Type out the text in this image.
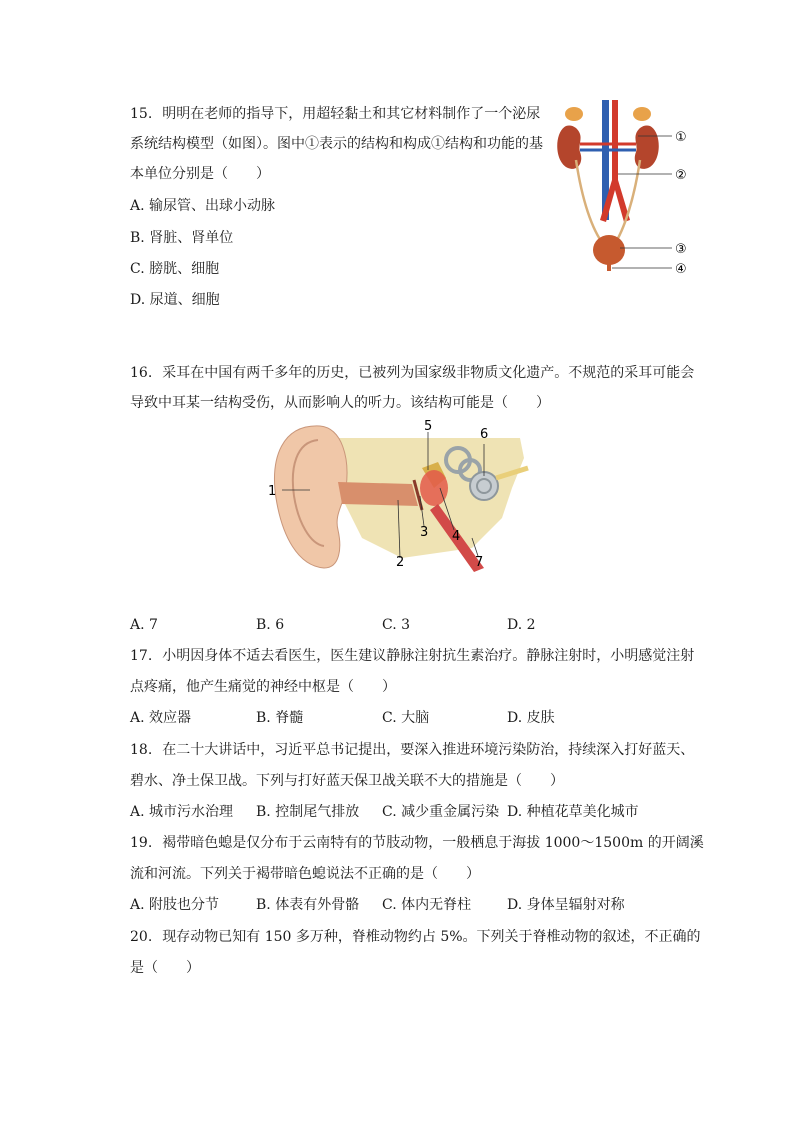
15. 明明在老师的指导下，用超轻黏土和其它材料制作了一个泌尿
系统结构模型（如图）。图中①表示的结构和构成①结构和功能的基
本单位分别是（　　）
A. 输尿管、出球小动脉
B. 肾脏、肾单位
C. 膀胱、细胞
D. 尿道、细胞
①
②
③
④
16. 采耳在中国有两千多年的历史，已被列为国家级非物质文化遗产。不规范的采耳可能会
导致中耳某一结构受伤，从而影响人的听力。该结构可能是（　　）
1
2
3 4
5
6
7
A. 7	B. 6	C. 3	D. 2
17. 小明因身体不适去看医生，医生建议静脉注射抗生素治疗。静脉注射时，小明感觉注射
点疼痛，他产生痛觉的神经中枢是（　　）
A. 效应器	B. 脊髓	C. 大脑	D. 皮肤
18. 在二十大讲话中，习近平总书记提出，要深入推进环境污染防治，持续深入打好蓝天、
碧水、净土保卫战。下列与打好蓝天保卫战关联不大的措施是（　　）
A. 城市污水治理 B. 控制尾气排放 C. 减少重金属污染 D. 种植花草美化城市
19. 褐带暗色螅是仅分布于云南特有的节肢动物，一般栖息于海拔 1000～1500m 的开阔溪
流和河流。下列关于褐带暗色螅说法不正确的是（　　）
A. 附肢也分节	B. 体表有外骨骼 C. 体内无脊柱	D. 身体呈辐射对称
20. 现存动物已知有 150 多万种，脊椎动物约占 5%。下列关于脊椎动物的叙述，不正确的
是（　　）
